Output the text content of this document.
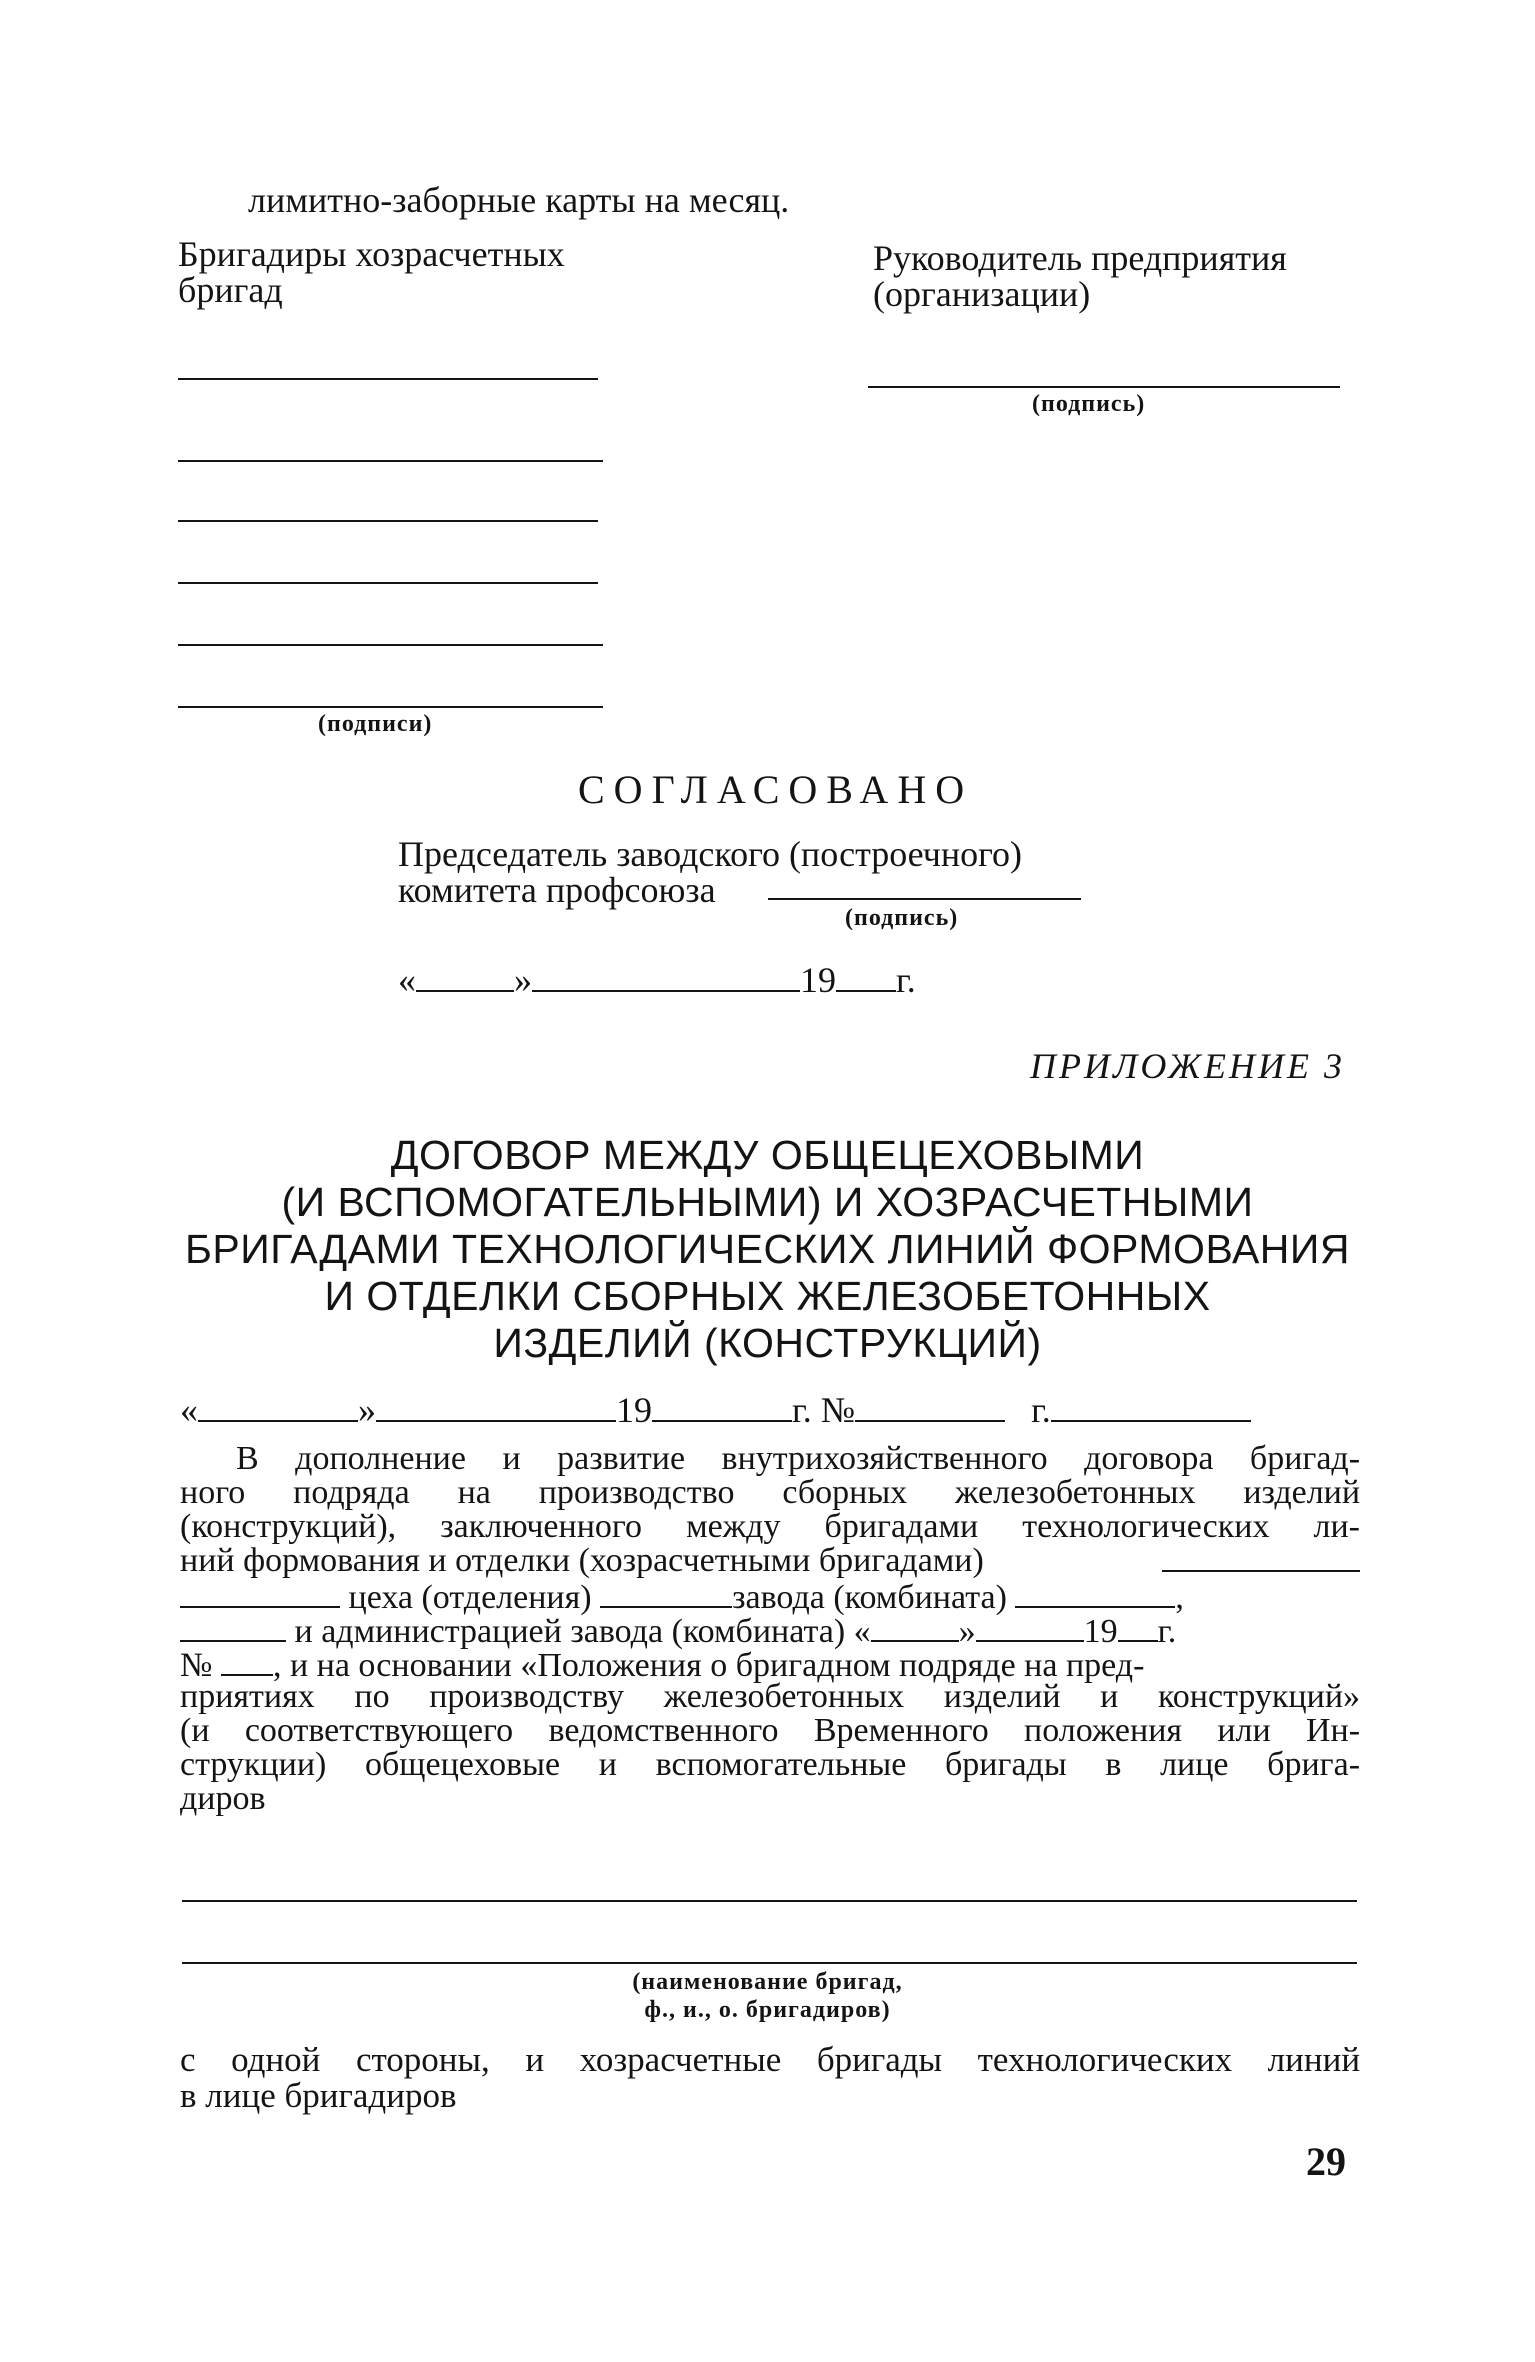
лимитно-заборные карты на месяц.
Бригадиры хозрасчетных
бригад
Руководитель предприятия
(организации)
(подписи)
(подпись)
СОГЛАСОВАНО
Председатель заводского (построечного)
комитета профсоюза
(подпись)
«	»	19 г.
ПРИЛОЖЕНИЕ 3
ДОГОВОР МЕЖДУ ОБЩЕЦЕХОВЫМИ
(И ВСПОМОГАТЕЛЬНЫМИ) И ХОЗРАСЧЕТНЫМИ
БРИГАДАМИ ТЕХНОЛОГИЧЕСКИХ ЛИНИЙ ФОРМОВАНИЯ
И ОТДЕЛКИ СБОРНЫХ ЖЕЛЕЗОБЕТОННЫХ
ИЗДЕЛИЙ (КОНСТРУКЦИЙ)
«	»	19	г. №	г.
В дополнение и развитие внутрихозяйственного договора бригад-
ного подряда на производство сборных железобетонных изделий
(конструкций), заключенного между бригадами технологических ли-
ний формования и отделки (хозрасчетными бригадами)
цеха (отделения)	завода (комбината)	,
и администрацией завода (комбината) «	»	19 г.
№ , и на основании «Положения о бригадном подряде на пред-
приятиях по производству железобетонных изделий и конструкций»
(и соответствующего ведомственного Временного положения или Ин-
струкции) общецеховые и вспомогательные бригады в лице брига-
диров
(наименование бригад,
ф., и., о. бригадиров)
с одной стороны, и хозрасчетные бригады технологических линий
в лице бригадиров
29
